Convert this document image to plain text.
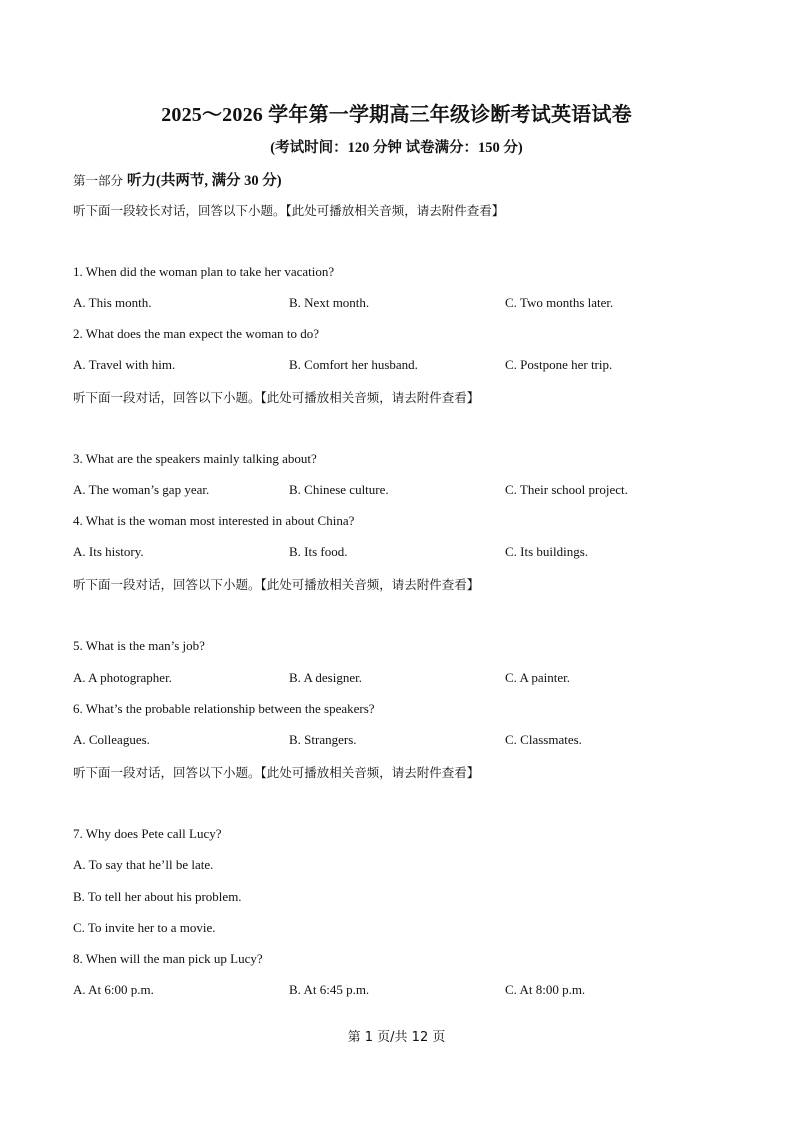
2025～2026 学年第一学期高三年级诊断考试英语试卷
(考试时间：120 分钟 试卷满分：150 分)
第一部分 听力(共两节, 满分 30 分)
听下面一段较长对话，回答以下小题。【此处可播放相关音频，请去附件查看】
1. When did the woman plan to take her vacation?
A. This month.	B. Next month.	C. Two months later.
2. What does the man expect the woman to do?
A. Travel with him.	B. Comfort her husband.	C. Postpone her trip.
听下面一段对话，回答以下小题。【此处可播放相关音频，请去附件查看】
3. What are the speakers mainly talking about?
A. The woman’s gap year.	B. Chinese culture.	C. Their school project.
4. What is the woman most interested in about China?
A. Its history.	B. Its food.	C. Its buildings.
听下面一段对话，回答以下小题。【此处可播放相关音频，请去附件查看】
5. What is the man’s job?
A. A photographer.	B. A designer.	C. A painter.
6. What’s the probable relationship between the speakers?
A. Colleagues.	B. Strangers.	C. Classmates.
听下面一段对话，回答以下小题。【此处可播放相关音频，请去附件查看】
7. Why does Pete call Lucy?
A. To say that he’ll be late.
B. To tell her about his problem.
C. To invite her to a movie.
8. When will the man pick up Lucy?
A. At 6:00 p.m.	B. At 6:45 p.m.	C. At 8:00 p.m.
第 1 页/共 12 页
